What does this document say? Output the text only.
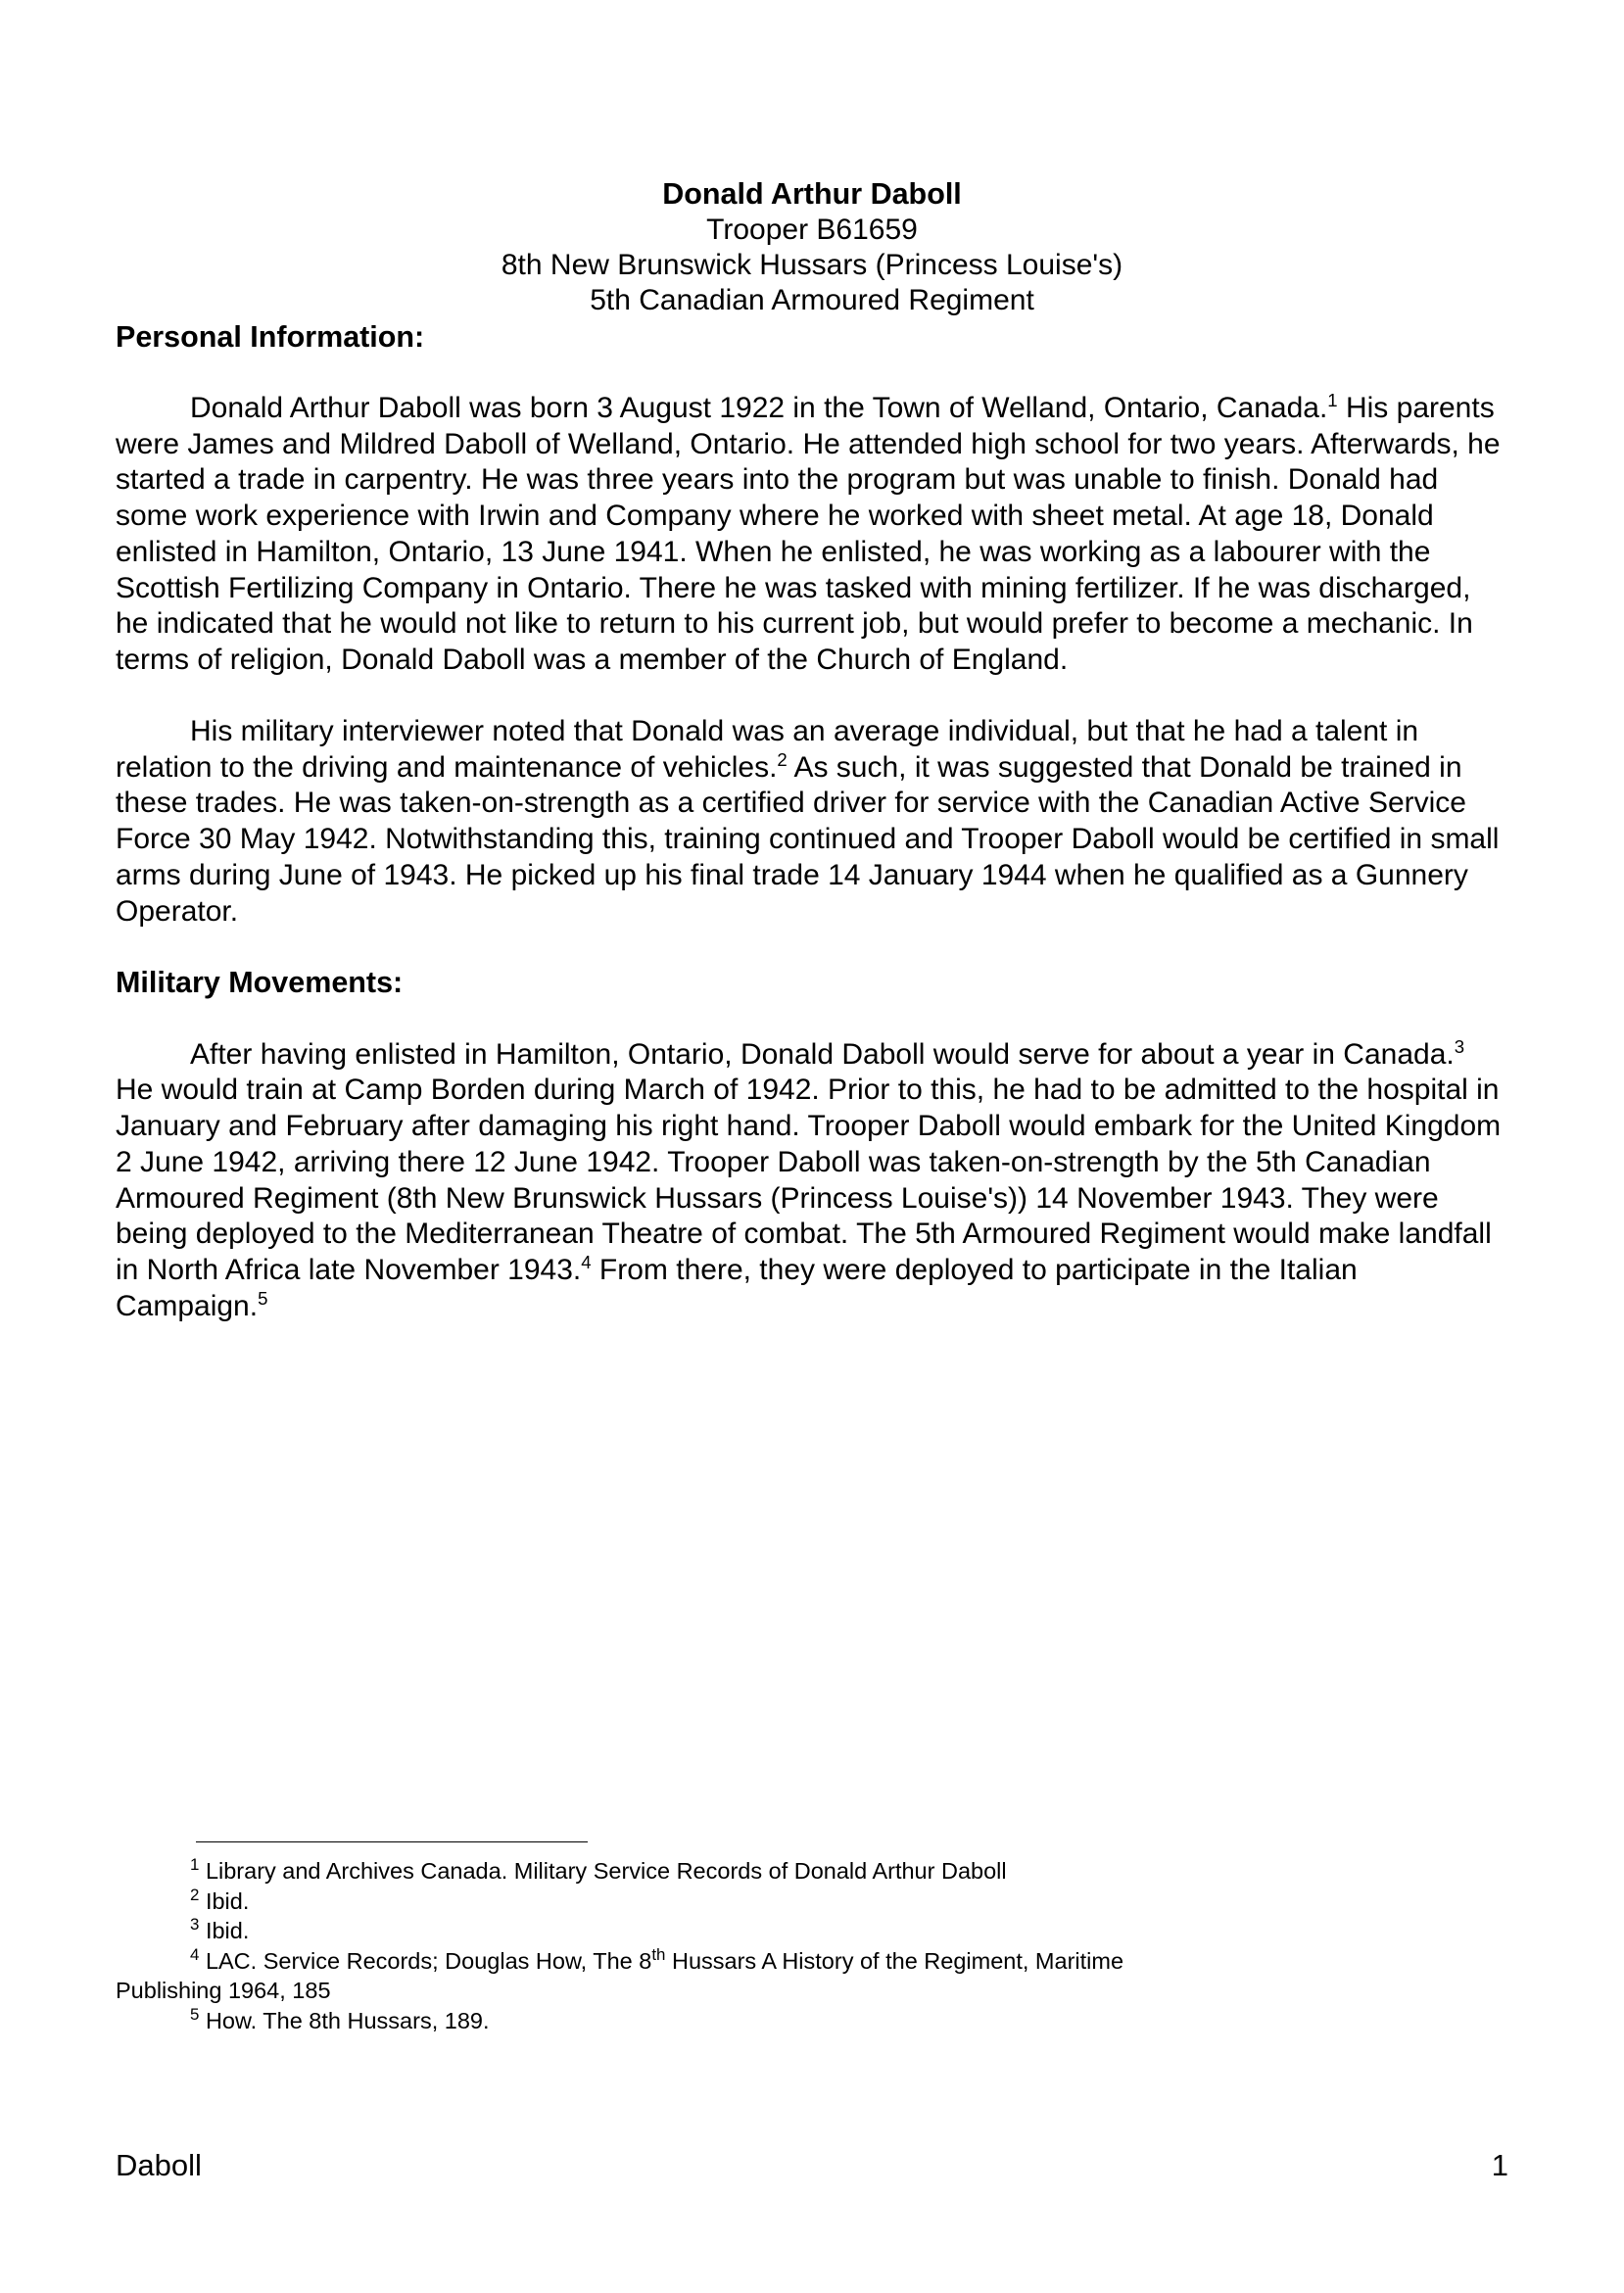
Donald Arthur Daboll
Trooper B61659
8th New Brunswick Hussars (Princess Louise's)
5th Canadian Armoured Regiment
Personal Information:

Donald Arthur Daboll was born 3 August 1922 in the Town of Welland, Ontario, Canada.$^1$ His parents were James and Mildred Daboll of Welland, Ontario. He attended high school for two years. Afterwards, he started a trade in carpentry. He was three years into the program but was unable to finish. Donald had some work experience with Irwin and Company where he worked with sheet metal. At age 18, Donald enlisted in Hamilton, Ontario, 13 June 1941. When he enlisted, he was working as a labourer with the Scottish Fertilizing Company in Ontario. There he was tasked with mining fertilizer. If he was discharged, he indicated that he would not like to return to his current job, but would prefer to become a mechanic. In terms of religion, Donald Daboll was a member of the Church of England.

His military interviewer noted that Donald was an average individual, but that he had a talent in relation to the driving and maintenance of vehicles.$^2$ As such, it was suggested that Donald be trained in these trades. He was taken-on-strength as a certified driver for service with the Canadian Active Service Force 30 May 1942. Notwithstanding this, training continued and Trooper Daboll would be certified in small arms during June of 1943. He picked up his final trade 14 January 1944 when he qualified as a Gunnery Operator.

Military Movements:

After having enlisted in Hamilton, Ontario, Donald Daboll would serve for about a year in Canada.$^3$ He would train at Camp Borden during March of 1942. Prior to this, he had to be admitted to the hospital in January and February after damaging his right hand. Trooper Daboll would embark for the United Kingdom 2 June 1942, arriving there 12 June 1942. Trooper Daboll was taken-on-strength by the 5th Canadian Armoured Regiment (8th New Brunswick Hussars (Princess Louise's)) 14 November 1943. They were being deployed to the Mediterranean Theatre of combat. The 5th Armoured Regiment would make landfall in North Africa late November 1943.$^4$ From there, they were deployed to participate in the Italian Campaign.$^5$

$^1$ Library and Archives Canada. Military Service Records of Donald Arthur Daboll

$^2$ Ibid.

$^3$ Ibid.

$^4$ LAC. Service Records; Douglas How, The 8th Hussars A History of the Regiment, Maritime

Publishing 1964, 185

$^5$ How. The 8th Hussars, 189.

Daboll	1
